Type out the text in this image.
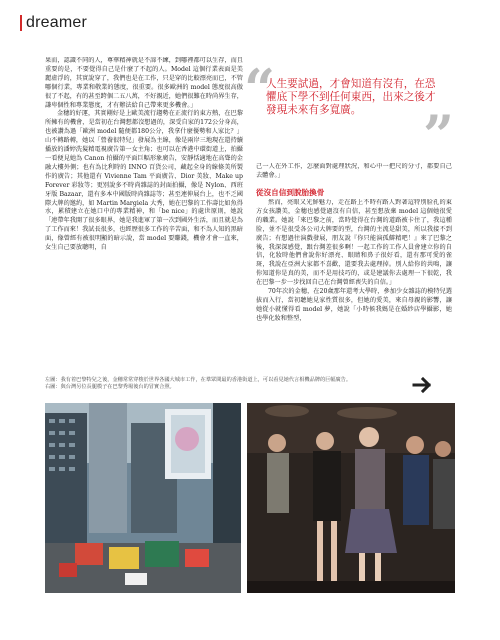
dreamer
果而，認識不同的人，尊華精神就是不諦不練，到哪裡都可以生存，而且重要的是，不要覺得自己是什麼了不起的人。Model 這個行業表面是美麗虛浮的，其實說穿了，我們也是在工作，只是穿的比較漂亮而已，不管哪個行業，專業和敬業的態度，很重要。很多歐洲的 model 態度很高傲很了不起，有的甚至跨個二五八萬，不好親近，她們很難在時尚界生存，謙卑個性和專業態度，才有辦法給自己帶來更多機會。」
金穗的好運，其實剛好是上歐美流行趨勢在正流行的東方熱，在巴黎所擁有的機會，是當初在台灣想都沒想過的，深受自家的172公分身高，也被讚為過「歐洲 model 隨便都180公分，我拿什麼優勢和人家比？」山不轉路轉，她以「營養很特兒」發展為主線，像是兩岸三地現在還持續播放的潘婷洗髮精電視廣告第一女主角；也可以在香港中環街道上，拍攝一看便見她為 Canon 拍攝的平面巨幅形象廣告，安靜恬適地在高聳的金融大樓外側；也有為比利時的 INNO 百貨公司，藏起全身的線條美所製作的廣告；其他還有 Vivienne Tam 平面廣告、Dior 美妝、Make up Forever 彩妝等；更別說多不時尚雜誌的封面拍攝，像是 Nylon、西班牙版 Bazaar，還有多本中國版時尚雜誌等；甚至連伸展台上，也不乏國際大牌的邀約，如 Martin Margiela 大秀，她在巴黎的工作壽比如魚得水，累積建立在她口中的專業精神，和「be nice」的處世原則，她說「連帶年我開了很多眼界，她是我進軍了第一次到國外生活，而且就是為了工作而來！我試長很多，也經歷很多工作的辛苦面，和不為人知的黑暗面，像曾經有被很明顯的暗示說，當 model 要賺錢，機會才會一直來，女生自己要放聰明，自
“
人生要試過，才會知道有沒有，在恐懼底下學不到任何東西，出來之後才發現未來有多寬廣。	”
己一人在外工作，怎麼面對處理狀況，和心中一把尺的分寸，都要自己去體會。」
從沒自信到脫胎換骨
然而，亮眼又光鮮魅力，走在路上不時有路人對著這特別脸孔的東方女孩讚美，金穗也感覺過沒有自信，甚至想放棄 model 這個她很愛的職業。她說「來巴黎之前，當時覺得在台灣的道路被卡住了，我這種脸，並不是很受各公司大牌要的型，台灣的主流是甜美，所以我接不到廣告；有想過往演戲發展，朋友說『你只能演孤僻精吧！』來了巴黎之後，我深深感覺，跟台灣差很多啊！一起工作的工作人員會建立你的自信，化妝時他們會說你好漂亮、眼睛和鼻子很好看，還有那可愛的雀斑，我說在亞洲大家都不喜歡，還要我去處理掉。別人給你的共鳴，讓你知道你是真的美，而不是用技巧的，或是建議你去處理一下很乾，我在巴黎一步一步找回自己在台灣曾經喪失的自信。」
70年次的金穗，在20歲那年還考大學時，參加少女雜誌的模特兒選拔而入行，當初聽她見家性質很多，但她的愛美，來自母親的影響，讓她從小就懂得看 model 夢，她說「小時候我媽是在婚紗店學攝影，她也學化妝和整型，
左圖：我有着巴黎特兒之後，金穗常常穿梭於世界各國大城市工作，在羣眾間最的香港街道上，可以看見她代言相機品牌的巨幅廣告。
右圖：與台灣另位長腿模子在巴黎秀場後台的冒實合照。
